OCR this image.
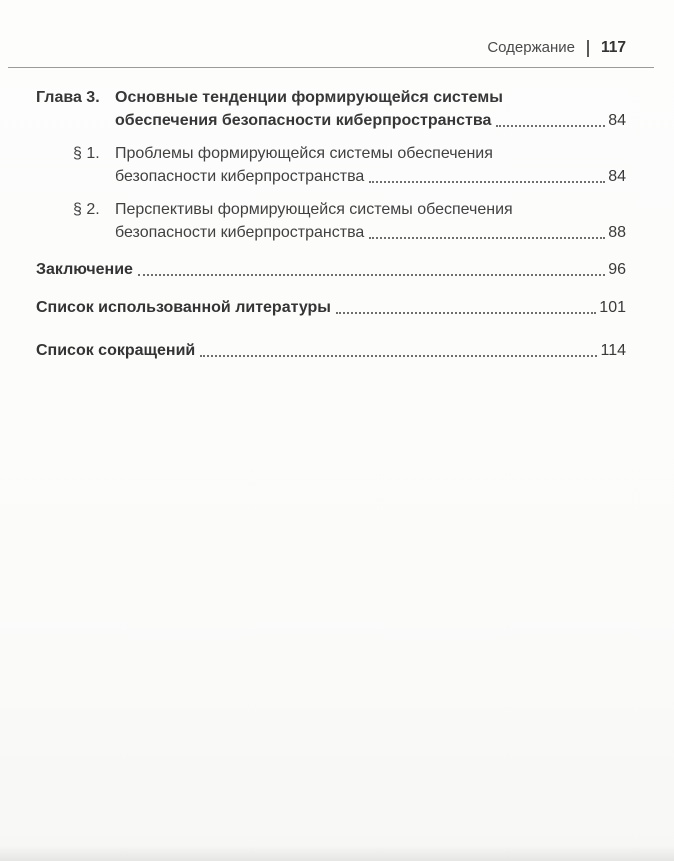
Содержание 117
Глава 3. Основные тенденции формирующейся системы
обеспечения безопасности киберпространства	84
§ 1. Проблемы формирующейся системы обеспечения
безопасности киберпространства	84
§ 2. Перспективы формирующейся системы обеспечения
безопасности киберпространства	88
Заключение	96
Список использованной литературы	101
Список сокращений	114
